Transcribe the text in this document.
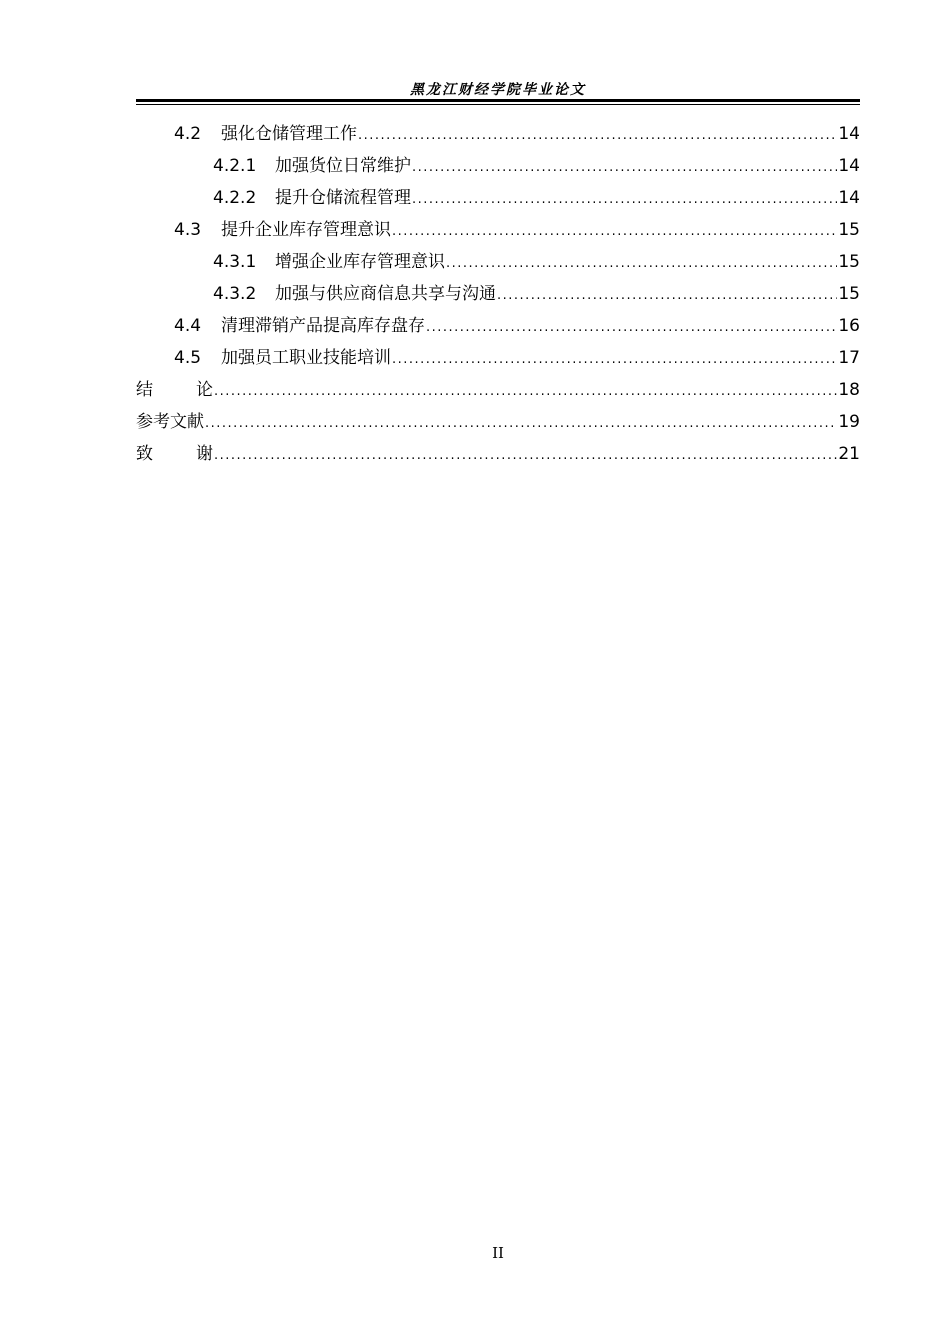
黑龙江财经学院毕业论文
4.2	强化仓储管理工作 .....	14
4.2.1	加强货位日常维护 .....	14
4.2.2	提升仓储流程管理 .....	14
4.3	提升企业库存管理意识 .....	15
4.3.1	增强企业库存管理意识 .....	15
4.3.2	加强与供应商信息共享与沟通 .....	15
4.4	清理滞销产品提高库存盘存 .....	16
4.5	加强员工职业技能培训 .....	17
结　论 .....	18
参考文献 .....	19
致　谢 .....	21
II
